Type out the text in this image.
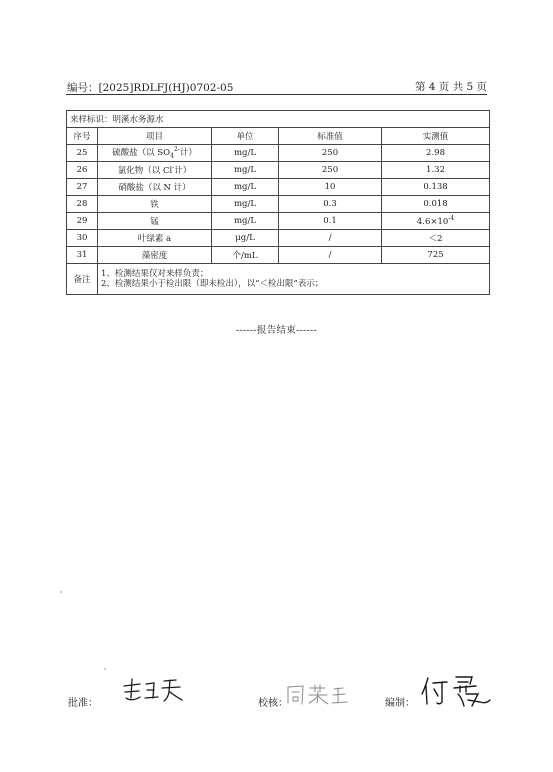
编号：[2025]RDLFJ(HJ)0702-05	第 4 页 共 5 页
来样标识：明溪水务源水				
序号	项目	单位	标准值	实测值
25	硫酸盐（以 $SO_4^{2-}$计）	mg/L	250	2.98
26	氯化物（以 Cl-计）	mg/L	250	1.32
27	硝酸盐（以 N 计）	mg/L	10	0.138
28	铁	mg/L	0.3	0.018
29	锰	mg/L	0.1	$4.6\times 10^{-4}$
30	叶绿素 a	μg/L	/	＜2
31	藻密度	个/mL	/	725
备注	1、检测结果仅对来样负责；
2、检测结果小于检出限（即未检出），以“＜检出限”表示；			
------报告结束------
批准：	校核：	编制：
